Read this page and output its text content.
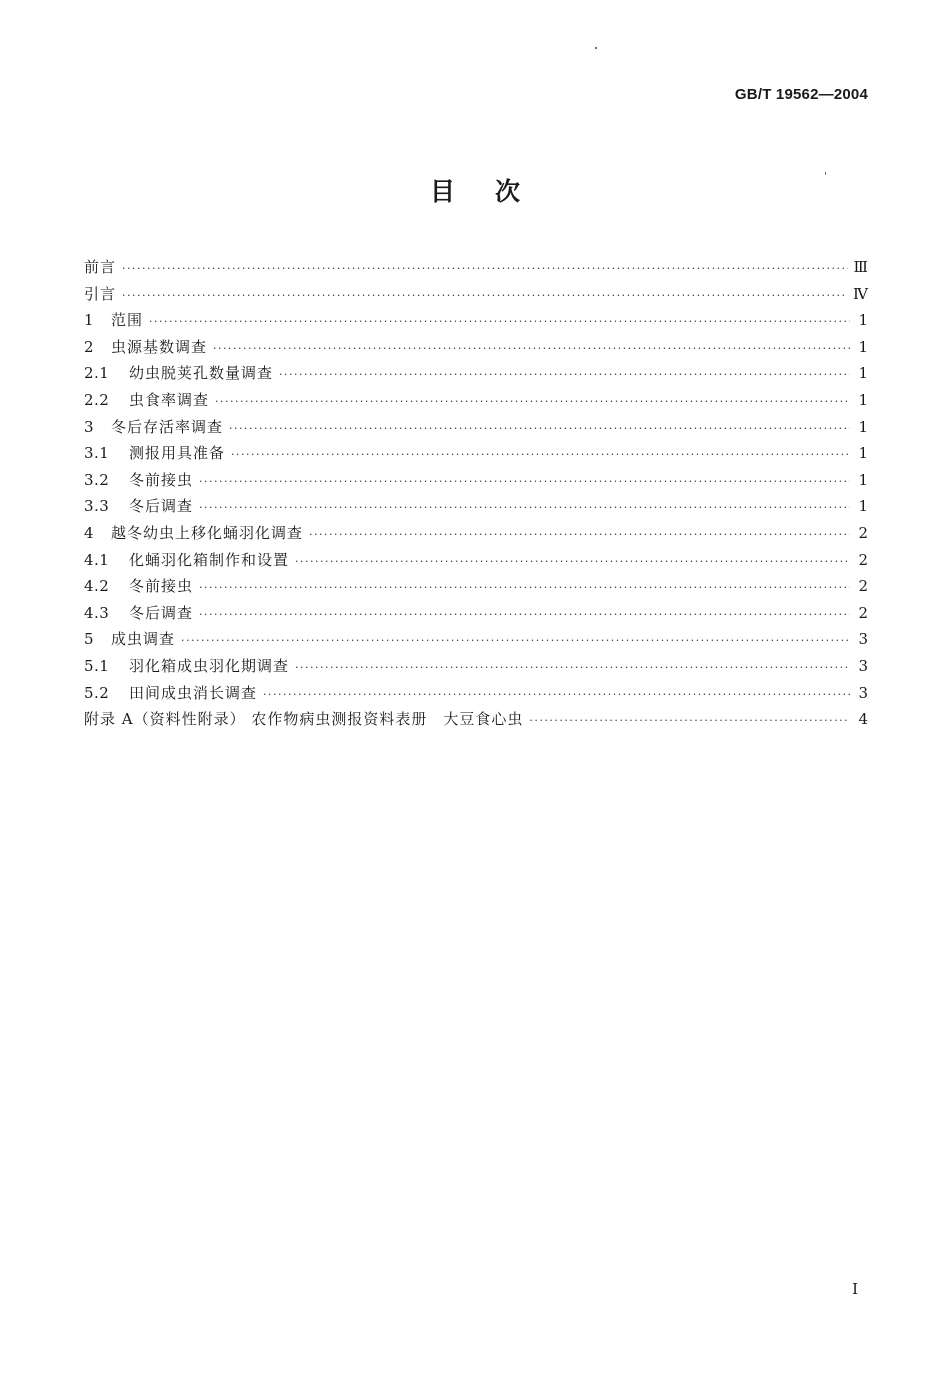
GB/T 19562—2004
目 次
前言 ·····	Ⅲ
引言 ·····	Ⅳ
1	范围 ·····	1
2	虫源基数调查 ·····	1
2.1	幼虫脱荚孔数量调查 ·····	1
2.2	虫食率调查 ·····	1
3	冬后存活率调查 ·····	1
3.1	测报用具准备 ·····	1
3.2	冬前接虫 ·····	1
3.3	冬后调查 ·····	1
4	越冬幼虫上移化蛹羽化调查 ·····	2
4.1	化蛹羽化箱制作和设置 ·····	2
4.2	冬前接虫 ·····	2
4.3	冬后调查 ·····	2
5	成虫调查 ·····	3
5.1	羽化箱成虫羽化期调查 ·····	3
5.2	田间成虫消长调查 ·····	3
附录 A（资料性附录） 农作物病虫测报资料表册　大豆食心虫 ·····	4
I
